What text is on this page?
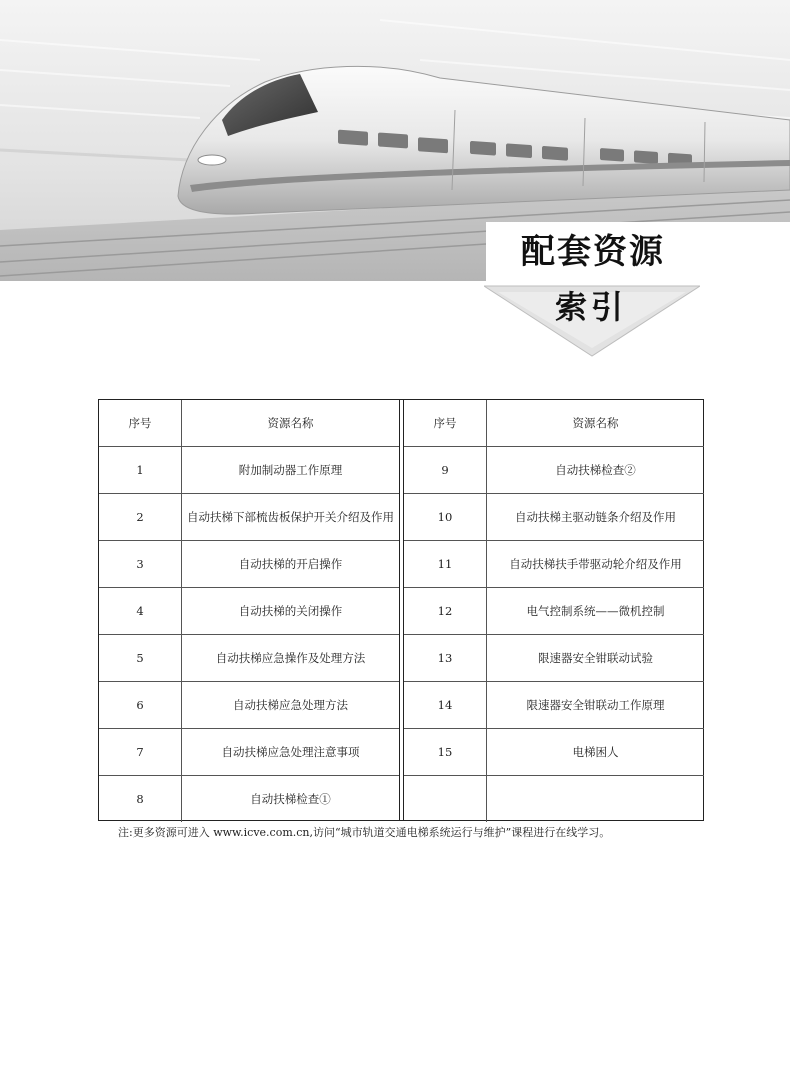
配套资源
索引
序号	资源名称
1	附加制动器工作原理
2	自动扶梯下部梳齿板保护开关介绍及作用
3	自动扶梯的开启操作
4	自动扶梯的关闭操作
5	自动扶梯应急操作及处理方法
6	自动扶梯应急处理方法
7	自动扶梯应急处理注意事项
8	自动扶梯检查①
序号	资源名称
9	自动扶梯检查②
10	自动扶梯主驱动链条介绍及作用
11	自动扶梯扶手带驱动轮介绍及作用
12	电气控制系统——微机控制
13	限速器安全钳联动试验
14	限速器安全钳联动工作原理
15	电梯困人

注:更多资源可进入 www.icve.com.cn,访问“城市轨道交通电梯系统运行与维护”课程进行在线学习。
